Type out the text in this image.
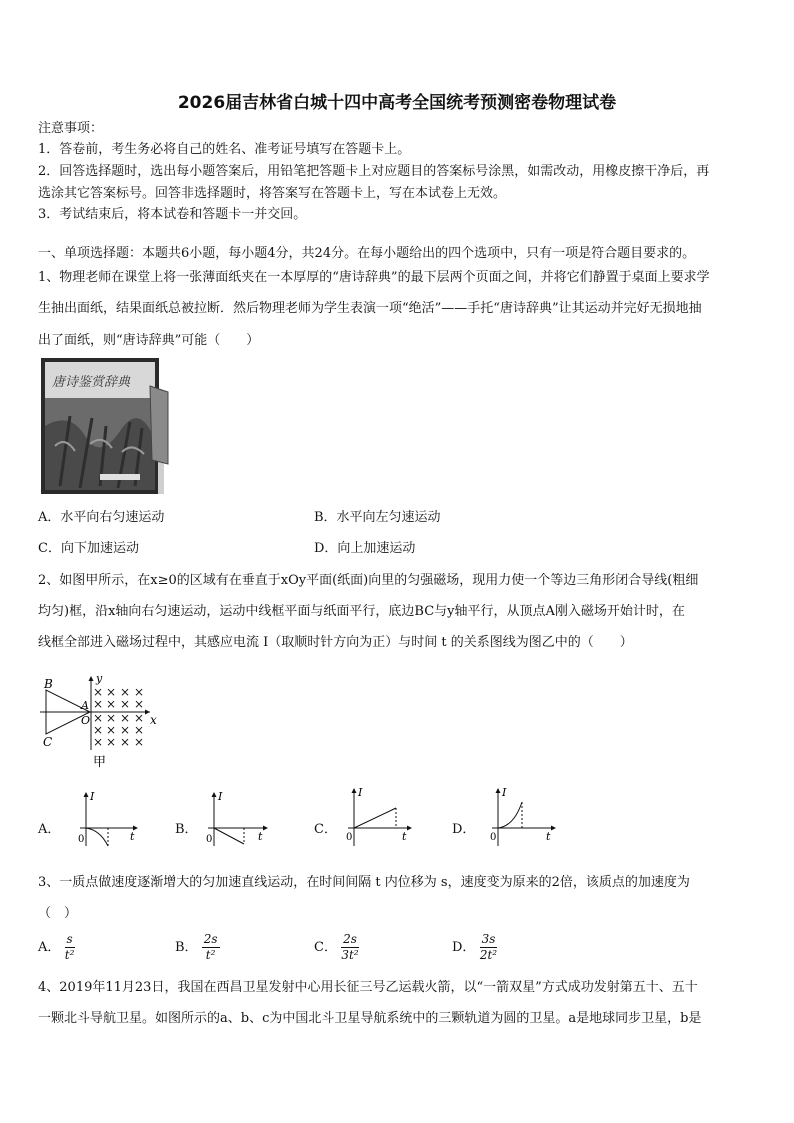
2026届吉林省白城十四中高考全国统考预测密卷物理试卷
注意事项：
1．答卷前，考生务必将自己的姓名、准考证号填写在答题卡上。
2．回答选择题时，选出每小题答案后，用铅笔把答题卡上对应题目的答案标号涂黑，如需改动，用橡皮擦干净后，再
选涂其它答案标号。回答非选择题时，将答案写在答题卡上，写在本试卷上无效。
3．考试结束后，将本试卷和答题卡一并交回。
一、单项选择题：本题共6小题，每小题4分，共24分。在每小题给出的四个选项中，只有一项是符合题目要求的。
1、物理老师在课堂上将一张薄面纸夹在一本厚厚的“唐诗辞典”的最下层两个页面之间，并将它们静置于桌面上要求学
生抽出面纸，结果面纸总被拉断．然后物理老师为学生表演一项“绝活”——手托“唐诗辞典”让其运动并完好无损地抽
出了面纸，则“唐诗辞典”可能（　　）
唐诗鉴赏辞典
A．水平向右匀速运动	B．水平向左匀速运动
C．向下加速运动	D．向上加速运动
2、如图甲所示，在x≥0的区域有在垂直于xOy平面(纸面)向里的匀强磁场，现用力使一个等边三角形闭合导线(粗细
均匀)框，沿x轴向右匀速运动，运动中线框平面与纸面平行，底边BC与y轴平行，从顶点A刚入磁场开始计时，在
线框全部进入磁场过程中，其感应电流 I（取顺时针方向为正）与时间 t 的关系图线为图乙中的（　　）
× × × ×
× × × ×
× × × ×
× × × ×
× × × ×
B
A
C
O	x
y
甲
A．
I
0	t	B．
I
0	t	C．
I
0	t	D．
I
0	t
3、一质点做速度逐渐增大的匀加速直线运动，在时间间隔 t 内位移为 s，速度变为原来的2倍，该质点的加速度为
（　）
A． $\frac{s}{\text{t²}}$	B． $\frac{2s}{\text{t²}}$	C． $\frac{2s}{\text{3t²}}$	D． $\frac{3s}{\text{2t²}}$
4、2019年11月23日，我国在西昌卫星发射中心用长征三号乙运载火箭，以“一箭双星”方式成功发射第五十、五十
一颗北斗导航卫星。如图所示的a、b、c为中国北斗卫星导航系统中的三颗轨道为圆的卫星。a是地球同步卫星，b是
